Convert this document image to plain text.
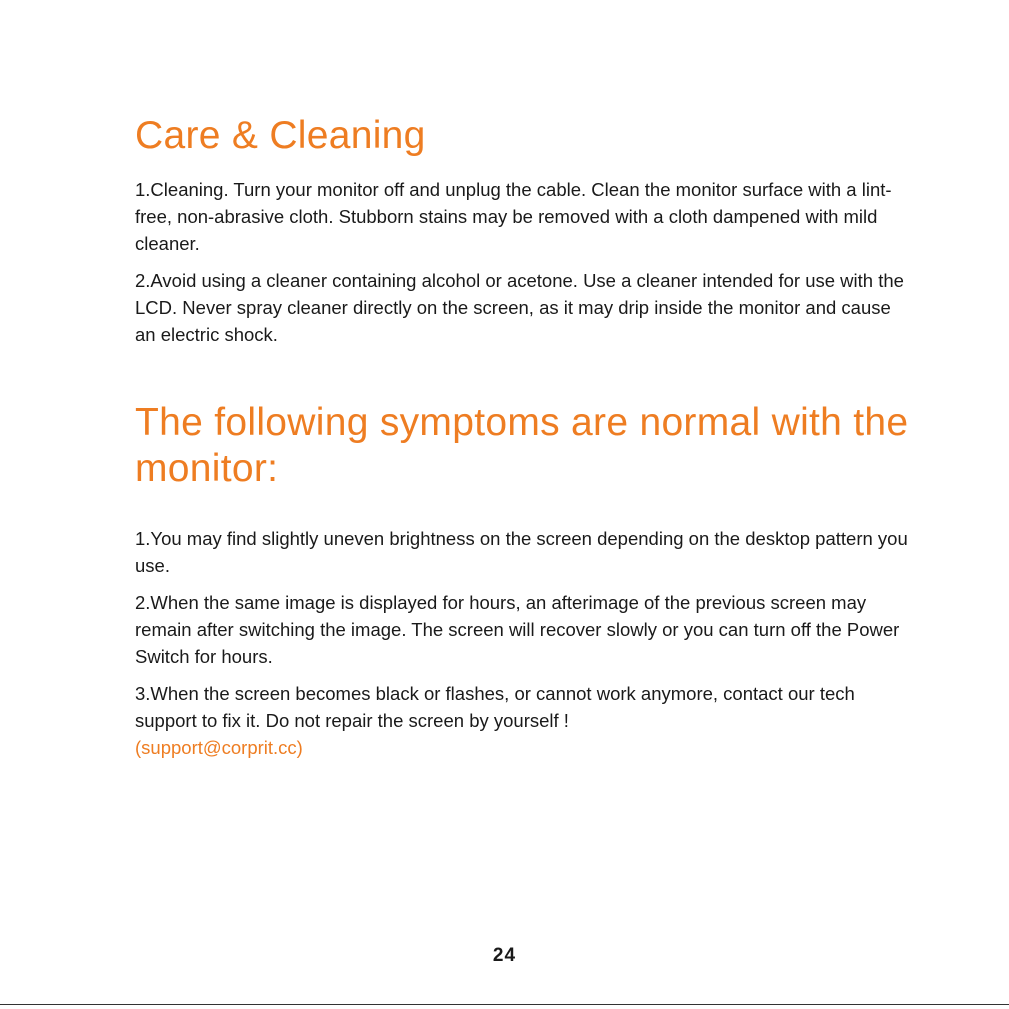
Care & Cleaning

1.Cleaning. Turn your monitor off and unplug the cable. Clean the monitor surface with a lint-free, non-abrasive cloth. Stubborn stains may be removed with a cloth dampened with mild cleaner.

2.Avoid using a cleaner containing alcohol or acetone. Use a cleaner intended for use with the LCD. Never spray cleaner directly on the screen, as it may drip inside the monitor and cause an electric shock.

The following symptoms are normal with the monitor:

1.You may find slightly uneven brightness on the screen depending on the desktop pattern you use.

2.When the same image is displayed for hours, an afterimage of the previous screen may remain after switching the image. The screen will recover slowly or you can turn off the Power Switch for hours.

3.When the screen becomes black or flashes, or cannot work anymore, contact our tech support to fix it. Do not repair the screen by yourself !
(support@corprit.cc)

24
